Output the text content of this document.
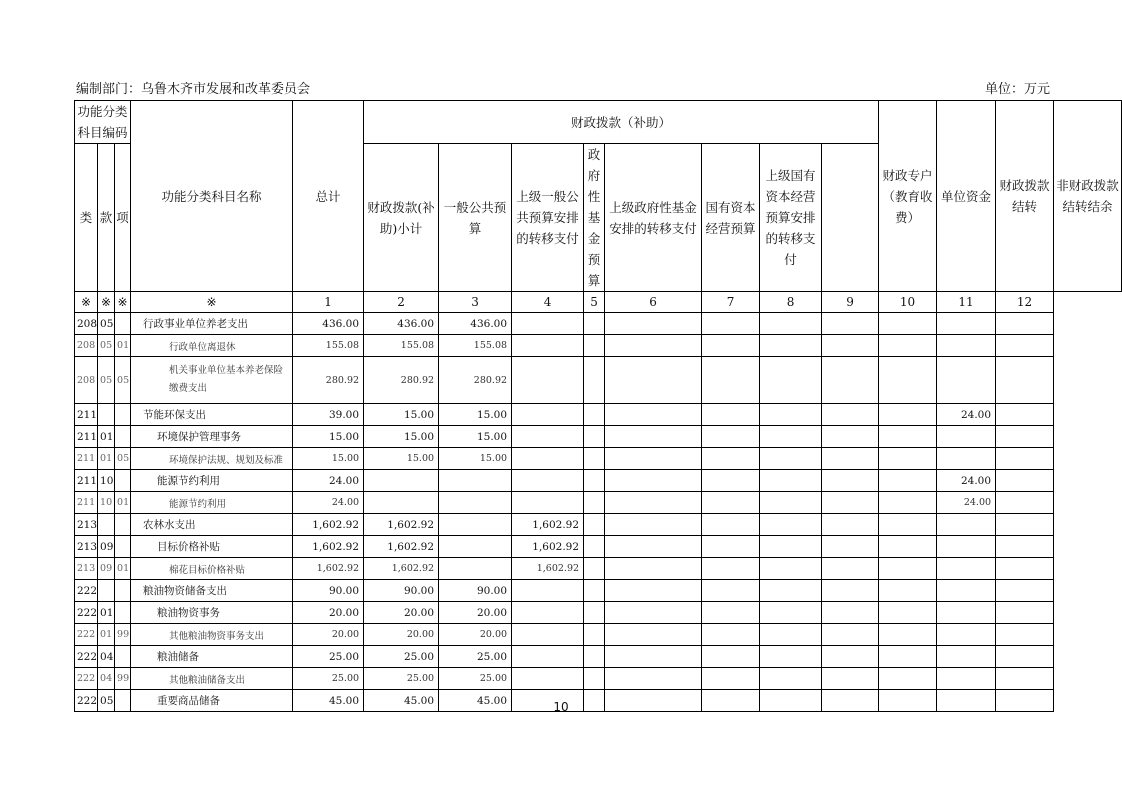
编制部门：乌鲁木齐市发展和改革委员会	单位：万元
功能分类科目编码			功能分类科目名称	总计	财政拨款（补助）								财政专户（教育收费）	单位资金	财政拨款结转	非财政拨款结转结余
类	款	项			财政拨款(补助)小计	一般公共预算	上级一般公共预算安排的转移支付	政府性基金预算	上级政府性基金安排的转移支付	国有资本经营预算	上级国有资本经营预算安排的转移支付					
※	※	※	※	1	2	3	4	5	6	7	8	9	10	11	12	
208	05		行政事业单位养老支出	436.00	436.00	436.00										
208	05	01	行政单位离退休	155.08	155.08	155.08										
208	05	05	机关事业单位基本养老保险缴费支出	280.92	280.92	280.92										
211			节能环保支出	39.00	15.00	15.00								24.00		
211	01		环境保护管理事务	15.00	15.00	15.00										
211	01	05	环境保护法规、规划及标准	15.00	15.00	15.00										
211	10		能源节约利用	24.00										24.00		
211	10	01	能源节约利用	24.00										24.00		
213			农林水支出	1,602.92	1,602.92		1,602.92									
213	09		目标价格补贴	1,602.92	1,602.92		1,602.92									
213	09	01	棉花目标价格补贴	1,602.92	1,602.92		1,602.92									
222			粮油物资储备支出	90.00	90.00	90.00										
222	01		粮油物资事务	20.00	20.00	20.00										
222	01	99	其他粮油物资事务支出	20.00	20.00	20.00										
222	04		粮油储备	25.00	25.00	25.00										
222	04	99	其他粮油储备支出	25.00	25.00	25.00										
222	05		重要商品储备	45.00	45.00	45.00											10
